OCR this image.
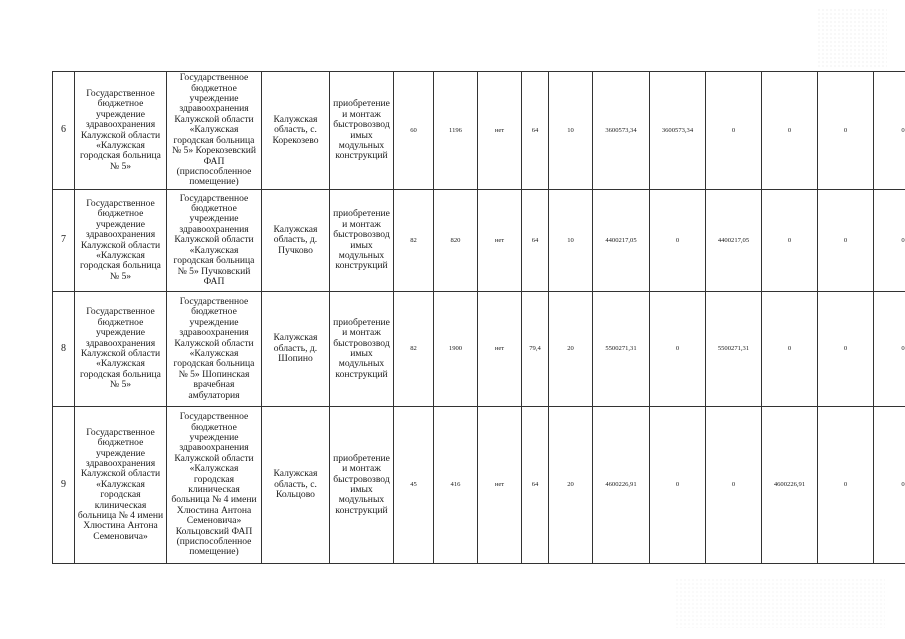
6	Государственное бюджетное учреждение здравоохранения Калужской области «Калужская городская больница № 5»	Государственное бюджетное учреждение здравоохранения Калужской области «Калужская городская больница № 5» Корекозевский ФАП (приспособленное помещение)	Калужская область, с. Корекозево	приобретение и монтаж быстровозводимых модульных конструкций	60	1196	нет	64	10	3600573,34	3600573,34	0	0	0	0
7	Государственное бюджетное учреждение здравоохранения Калужской области «Калужская городская больница № 5»	Государственное бюджетное учреждение здравоохранения Калужской области «Калужская городская больница № 5» Пучковский ФАП	Калужская область, д. Пучково	приобретение и монтаж быстровозводимых модульных конструкций	82	820	нет	64	10	4400217,05	0	4400217,05	0	0	0
8	Государственное бюджетное учреждение здравоохранения Калужской области «Калужская городская больница № 5»	Государственное бюджетное учреждение здравоохранения Калужской области «Калужская городская больница № 5» Шопинская врачебная амбулатория	Калужская область, д. Шопино	приобретение и монтаж быстровозводимых модульных конструкций	82	1900	нет	79,4	20	5500271,31	0	5500271,31	0	0	0
9	Государственное бюджетное учреждение здравоохранения Калужской области «Калужская городская клиническая больница № 4 имени Хлюстина Антона Семеновича»	Государственное бюджетное учреждение здравоохранения Калужской области «Калужская городская клиническая больница № 4 имени Хлюстина Антона Семеновича» Кольцовский ФАП (приспособленное помещение)	Калужская область, с. Кольцово	приобретение и монтаж быстровозводимых модульных конструкций	45	416	нет	64	20	4600226,91	0	0	4600226,91	0	0
